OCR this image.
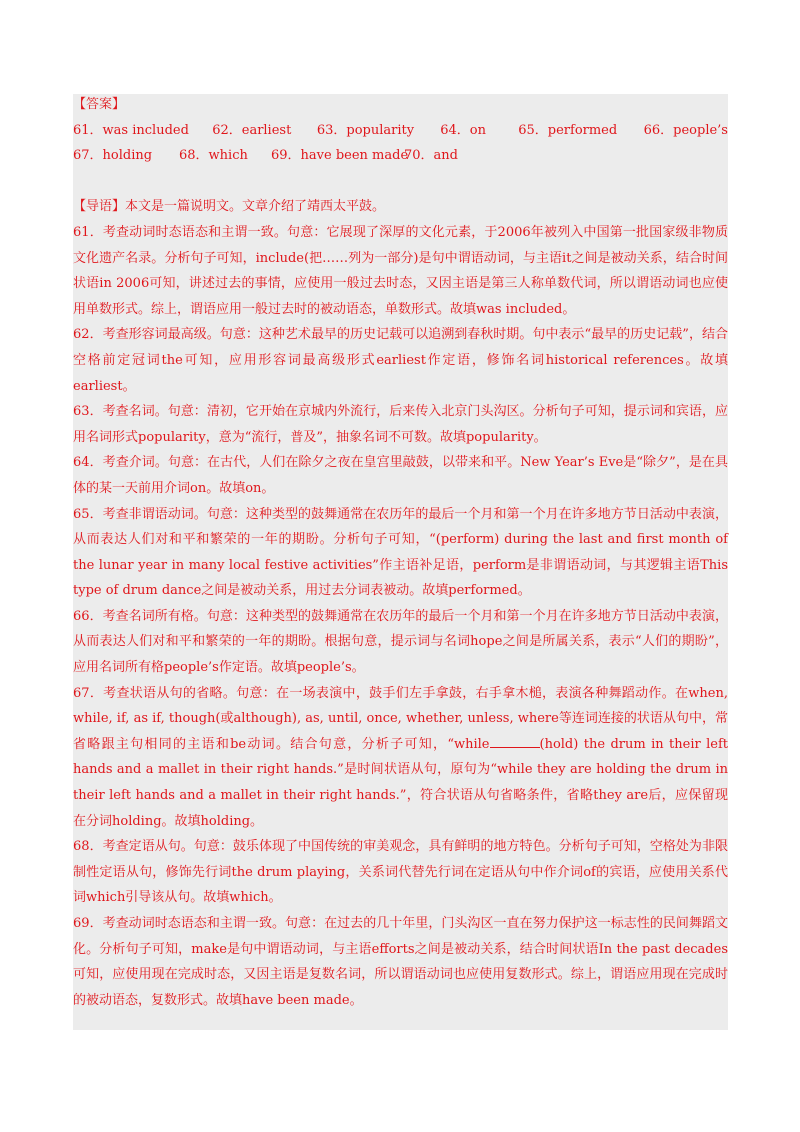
【答案】

61．was included	62．earliest	63．popularity	64．on	65．performed	66．people’s
67．holding	68．which	69．have been made
70．and

【导语】本文是一篇说明文。文章介绍了靖西太平鼓。

61．考查动词时态语态和主谓一致。句意：它展现了深厚的文化元素，于2006年被列入中国第一批国家级非物质文化遗产名录。分析句子可知，include(把……列为一部分)是句中谓语动词，与主语it之间是被动关系，结合时间状语in 2006可知，讲述过去的事情，应使用一般过去时态，又因主语是第三人称单数代词，所以谓语动词也应使用单数形式。综上，谓语应用一般过去时的被动语态，单数形式。故填was included。

62．考查形容词最高级。句意：这种艺术最早的历史记载可以追溯到春秋时期。句中表示“最早的历史记载”，结合空格前定冠词the可知，应用形容词最高级形式earliest作定语，修饰名词historical references。故填earliest。

63．考查名词。句意：清初，它开始在京城内外流行，后来传入北京门头沟区。分析句子可知，提示词和宾语，应用名词形式popularity，意为“流行，普及”，抽象名词不可数。故填popularity。

64．考查介词。句意：在古代，人们在除夕之夜在皇宫里敲鼓，以带来和平。New Year’s Eve是“除夕”，是在具体的某一天前用介词on。故填on。

65．考查非谓语动词。句意：这种类型的鼓舞通常在农历年的最后一个月和第一个月在许多地方节日活动中表演，从而表达人们对和平和繁荣的一年的期盼。分析句子可知，“(perform) during the last and first month of the lunar year in many local festive activities”作主语补足语，perform是非谓语动词，与其逻辑主语This type of drum dance之间是被动关系，用过去分词表被动。故填performed。

66．考查名词所有格。句意：这种类型的鼓舞通常在农历年的最后一个月和第一个月在许多地方节日活动中表演，从而表达人们对和平和繁荣的一年的期盼。根据句意，提示词与名词hope之间是所属关系，表示“人们的期盼”，应用名词所有格people’s作定语。故填people’s。

67．考查状语从句的省略。句意：在一场表演中，鼓手们左手拿鼓，右手拿木槌，表演各种舞蹈动作。在when, while, if, as if, though(或although), as, until, once, whether, unless, where等连词连接的状语从句中，常省略跟主句相同的主语和be动词。结合句意，分析子可知，“while	(hold) the drum in their left hands and a mallet in their right hands.”是时间状语从句，原句为“while they are holding the drum in their left hands and a mallet in their right hands.”，符合状语从句省略条件，省略they are后，应保留现在分词holding。故填holding。

68．考查定语从句。句意：鼓乐体现了中国传统的审美观念，具有鲜明的地方特色。分析句子可知，空格处为非限制性定语从句，修饰先行词the drum playing，关系词代替先行词在定语从句中作介词of的宾语，应使用关系代词which引导该从句。故填which。

69．考查动词时态语态和主谓一致。句意：在过去的几十年里，门头沟区一直在努力保护这一标志性的民间舞蹈文化。分析句子可知，make是句中谓语动词，与主语efforts之间是被动关系，结合时间状语In the past decades可知，应使用现在完成时态，又因主语是复数名词，所以谓语动词也应使用复数形式。综上，谓语应用现在完成时的被动语态，复数形式。故填have been made。
